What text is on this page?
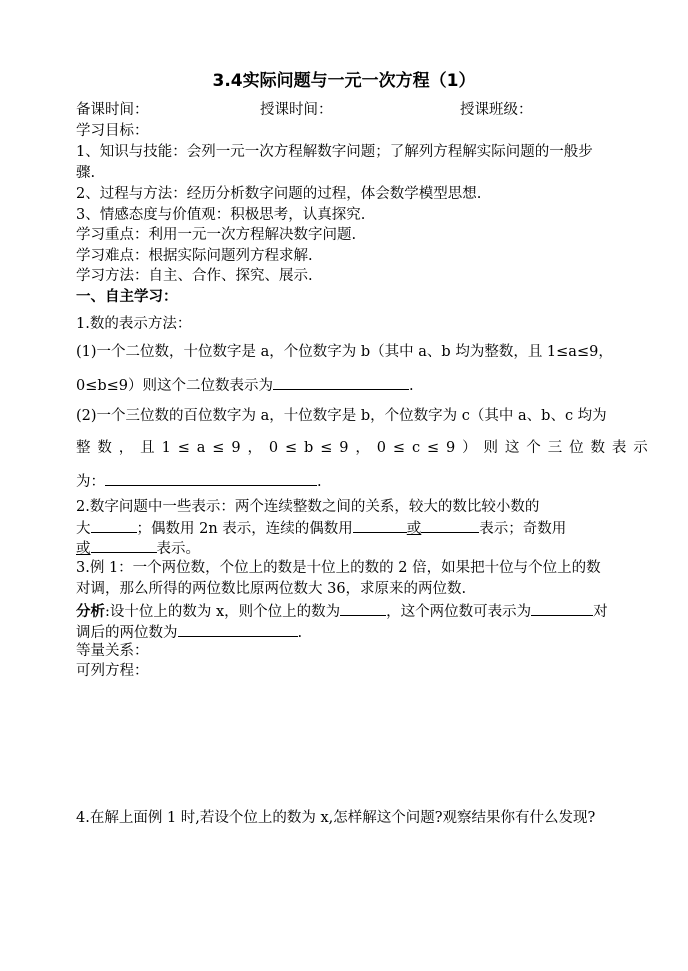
3.4实际问题与一元一次方程（1）
备课时间：	授课时间：	授课班级：
学习目标：
1、知识与技能：会列一元一次方程解数字问题；了解列方程解实际问题的一般步
骤.
2、过程与方法：经历分析数字问题的过程，体会数学模型思想.
3、情感态度与价值观：积极思考，认真探究.
学习重点：利用一元一次方程解决数字问题.
学习难点：根据实际问题列方程求解.
学习方法：自主、合作、探究、展示.
一、自主学习：
1.数的表示方法：
(1)一个二位数，十位数字是 a，个位数字为 b（其中 a、b 均为整数，且 1≤a≤9，
0≤b≤9）则这个二位数表示为	.
(2)一个三位数的百位数字为 a，十位数字是 b，个位数字为 c（其中 a、b、c 均为
整 数 ， 且 1 ≤ a ≤ 9 ， 0 ≤ b ≤ 9 ， 0 ≤ c ≤ 9 ） 则 这 个 三 位 数 表 示
为：	.
2.数字问题中一些表示：两个连续整数之间的关系，较大的数比较小数的
大	；偶数用 2n 表示，连续的偶数用	或	表示；奇数用
或	表示。
3.例 1：一个两位数，个位上的数是十位上的数的 2 倍，如果把十位与个位上的数
对调，那么所得的两位数比原两位数大 36，求原来的两位数.
分析:设十位上的数为 x，则个位上的数为	，这个两位数可表示为	对
调后的两位数为	.
等量关系：
可列方程：
4.在解上面例 1 时,若设个位上的数为 x,怎样解这个问题?观察结果你有什么发现?
